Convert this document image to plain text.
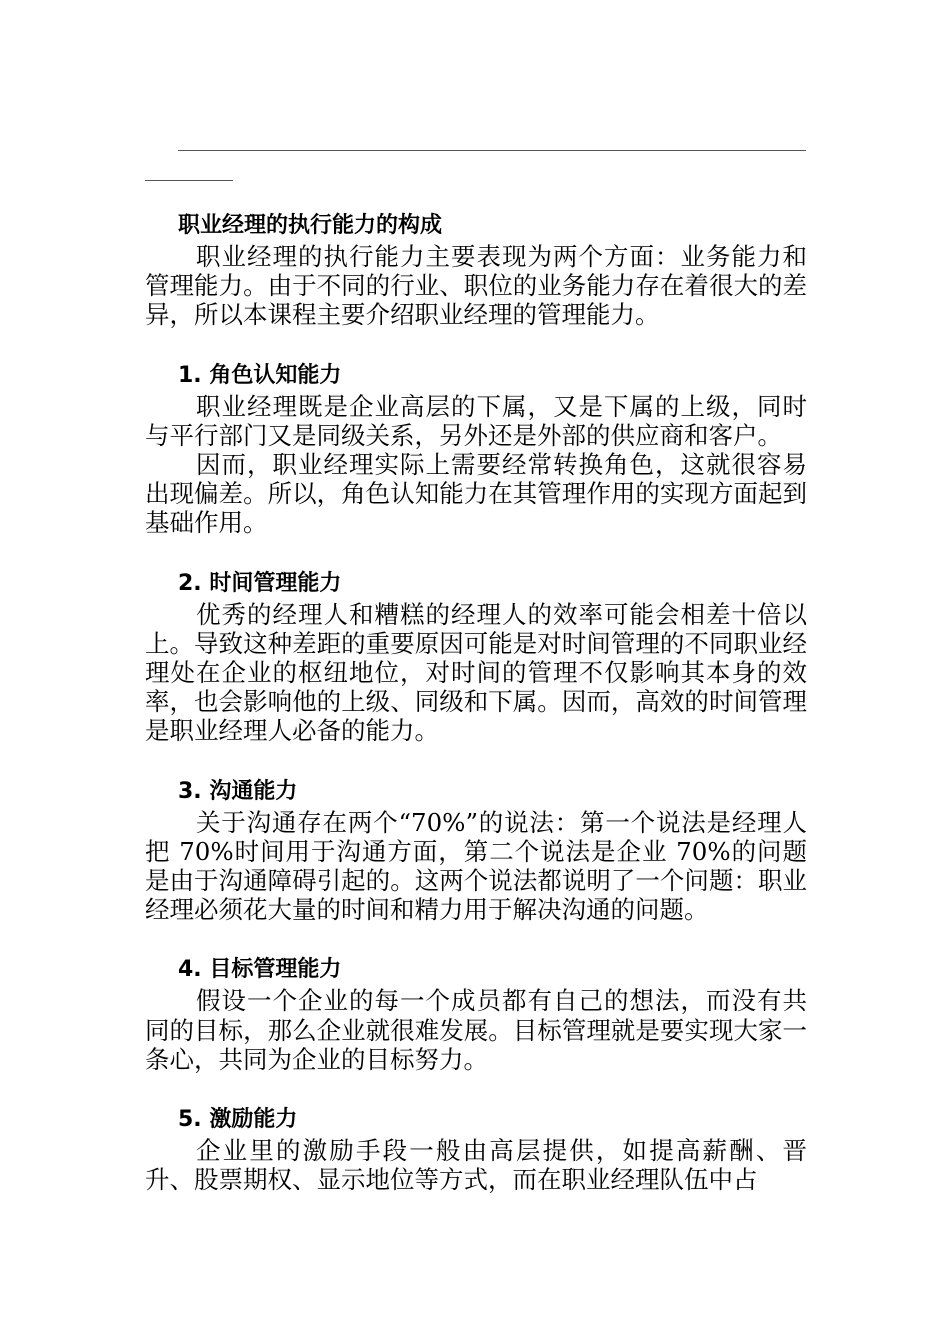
职业经理的执行能力的构成

职业经理的执行能力主要表现为两个方面：业务能力和管理能力。由于不同的行业、职位的业务能力存在着很大的差异，所以本课程主要介绍职业经理的管理能力。

1. 角色认知能力

职业经理既是企业高层的下属，又是下属的上级，同时与平行部门又是同级关系，另外还是外部的供应商和客户。

因而，职业经理实际上需要经常转换角色，这就很容易出现偏差。所以，角色认知能力在其管理作用的实现方面起到基础作用。

2. 时间管理能力

优秀的经理人和糟糕的经理人的效率可能会相差十倍以上。导致这种差距的重要原因可能是对时间管理的不同职业经理处在企业的枢纽地位，对时间的管理不仅影响其本身的效率，也会影响他的上级、同级和下属。因而，高效的时间管理是职业经理人必备的能力。

3. 沟通能力

关于沟通存在两个“70%”的说法：第一个说法是经理人把 70%时间用于沟通方面，第二个说法是企业 70%的问题是由于沟通障碍引起的。这两个说法都说明了一个问题：职业经理必须花大量的时间和精力用于解决沟通的问题。

4. 目标管理能力

假设一个企业的每一个成员都有自己的想法，而没有共同的目标，那么企业就很难发展。目标管理就是要实现大家一条心，共同为企业的目标努力。

5. 激励能力

企业里的激励手段一般由高层提供，如提高薪酬、晋升、股票期权、显示地位等方式，而在职业经理队伍中占
